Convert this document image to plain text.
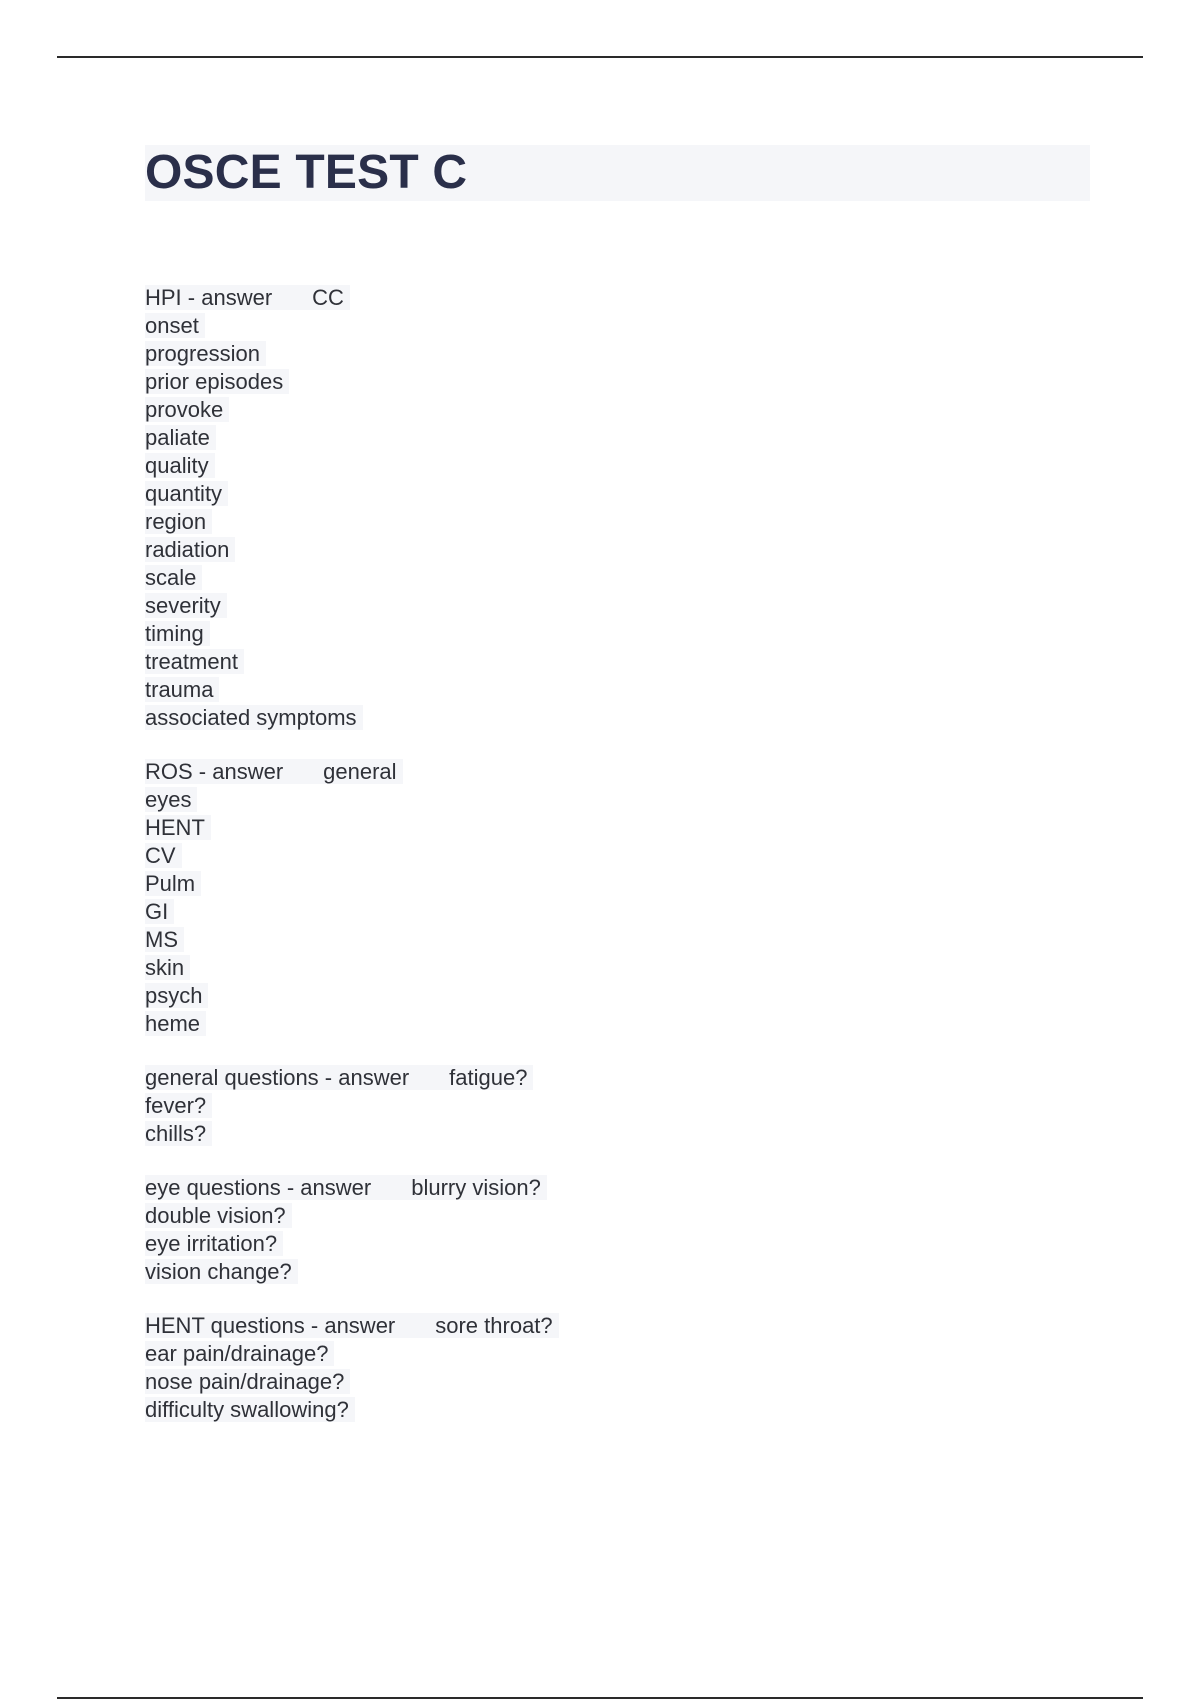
OSCE TEST C
HPI - answer CC
onset
progression
prior episodes
provoke
paliate
quality
quantity
region
radiation
scale
severity
timing
treatment
trauma
associated symptoms
ROS - answer general
eyes
HENT
CV
Pulm
GI
MS
skin
psych
heme
general questions - answer fatigue?
fever?
chills?
eye questions - answer blurry vision?
double vision?
eye irritation?
vision change?
HENT questions - answer sore throat?
ear pain/drainage?
nose pain/drainage?
difficulty swallowing?
